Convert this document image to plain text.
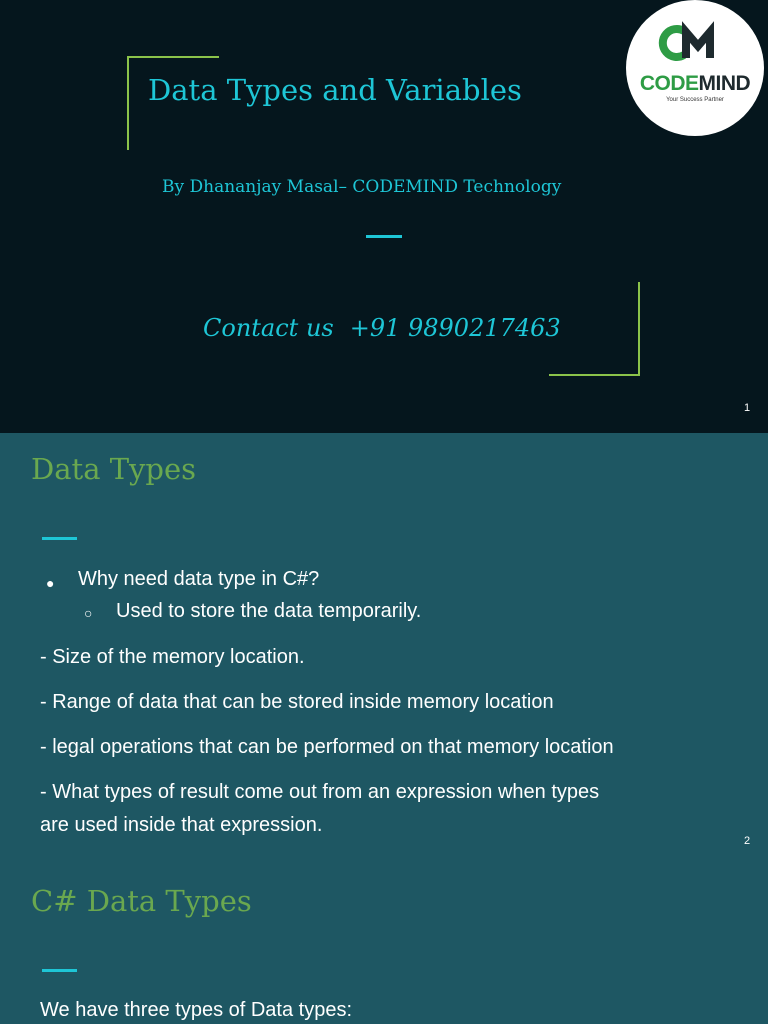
Data Types and Variables
By Dhananjay Masal– CODEMIND Technology
Contact us +91 9890217463
1
CODEMIND
Your Success Partner
Data Types
● Why need data type in C#?
○ Used to store the data temporarily.
- Size of the memory location.
- Range of data that can be stored inside memory location
- legal operations that can be performed on that memory location
- What types of result come out from an expression when types
are used inside that expression.
2
C# Data Types
We have three types of Data types:
